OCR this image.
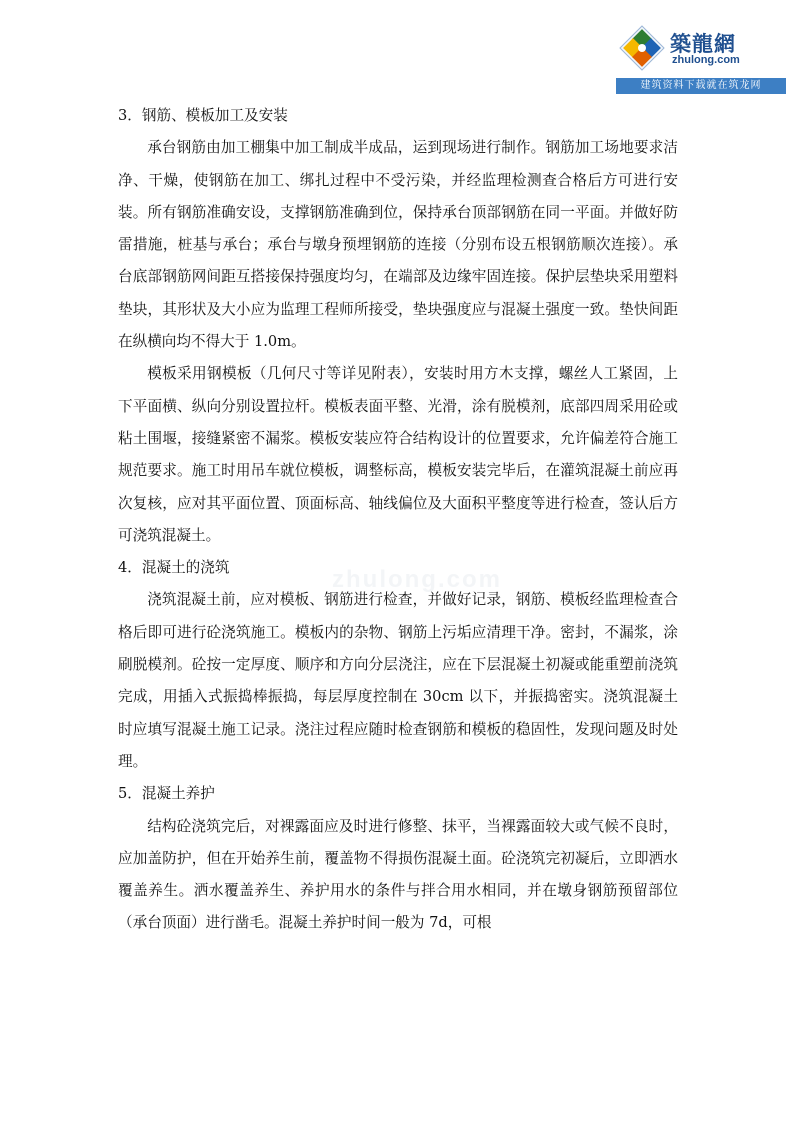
築龍網
zhulong.com
建筑资料下载就在筑龙网
zhulong.com

3．钢筋、模板加工及安装

承台钢筋由加工棚集中加工制成半成品，运到现场进行制作。钢筋加工场地要求洁净、干燥，使钢筋在加工、绑扎过程中不受污染，并经监理检测查合格后方可进行安装。所有钢筋准确安设，支撑钢筋准确到位，保持承台顶部钢筋在同一平面。并做好防雷措施，桩基与承台；承台与墩身预埋钢筋的连接（分别布设五根钢筋顺次连接）。承台底部钢筋网间距互搭接保持强度均匀，在端部及边缘牢固连接。保护层垫块采用塑料垫块，其形状及大小应为监理工程师所接受，垫块强度应与混凝土强度一致。垫快间距在纵横向均不得大于 1.0m。

模板采用钢模板（几何尺寸等详见附表），安装时用方木支撑，螺丝人工紧固，上下平面横、纵向分别设置拉杆。模板表面平整、光滑，涂有脱模剂，底部四周采用砼或粘土围堰，接缝紧密不漏浆。模板安装应符合结构设计的位置要求，允许偏差符合施工规范要求。施工时用吊车就位模板，调整标高，模板安装完毕后，在灌筑混凝土前应再次复核，应对其平面位置、顶面标高、轴线偏位及大面积平整度等进行检查，签认后方可浇筑混凝土。

4．混凝土的浇筑

浇筑混凝土前，应对模板、钢筋进行检查，并做好记录，钢筋、模板经监理检查合格后即可进行砼浇筑施工。模板内的杂物、钢筋上污垢应清理干净。密封，不漏浆，涂刷脱模剂。砼按一定厚度、顺序和方向分层浇注，应在下层混凝土初凝或能重塑前浇筑完成，用插入式振捣棒振捣，每层厚度控制在 30cm 以下，并振捣密实。浇筑混凝土时应填写混凝土施工记录。浇注过程应随时检查钢筋和模板的稳固性，发现问题及时处理。

5．混凝土养护

结构砼浇筑完后，对裸露面应及时进行修整、抹平，当裸露面较大或气候不良时，应加盖防护，但在开始养生前，覆盖物不得损伤混凝土面。砼浇筑完初凝后，立即洒水覆盖养生。洒水覆盖养生、养护用水的条件与拌合用水相同，并在墩身钢筋预留部位（承台顶面）进行凿毛。混凝土养护时间一般为 7d，可根
